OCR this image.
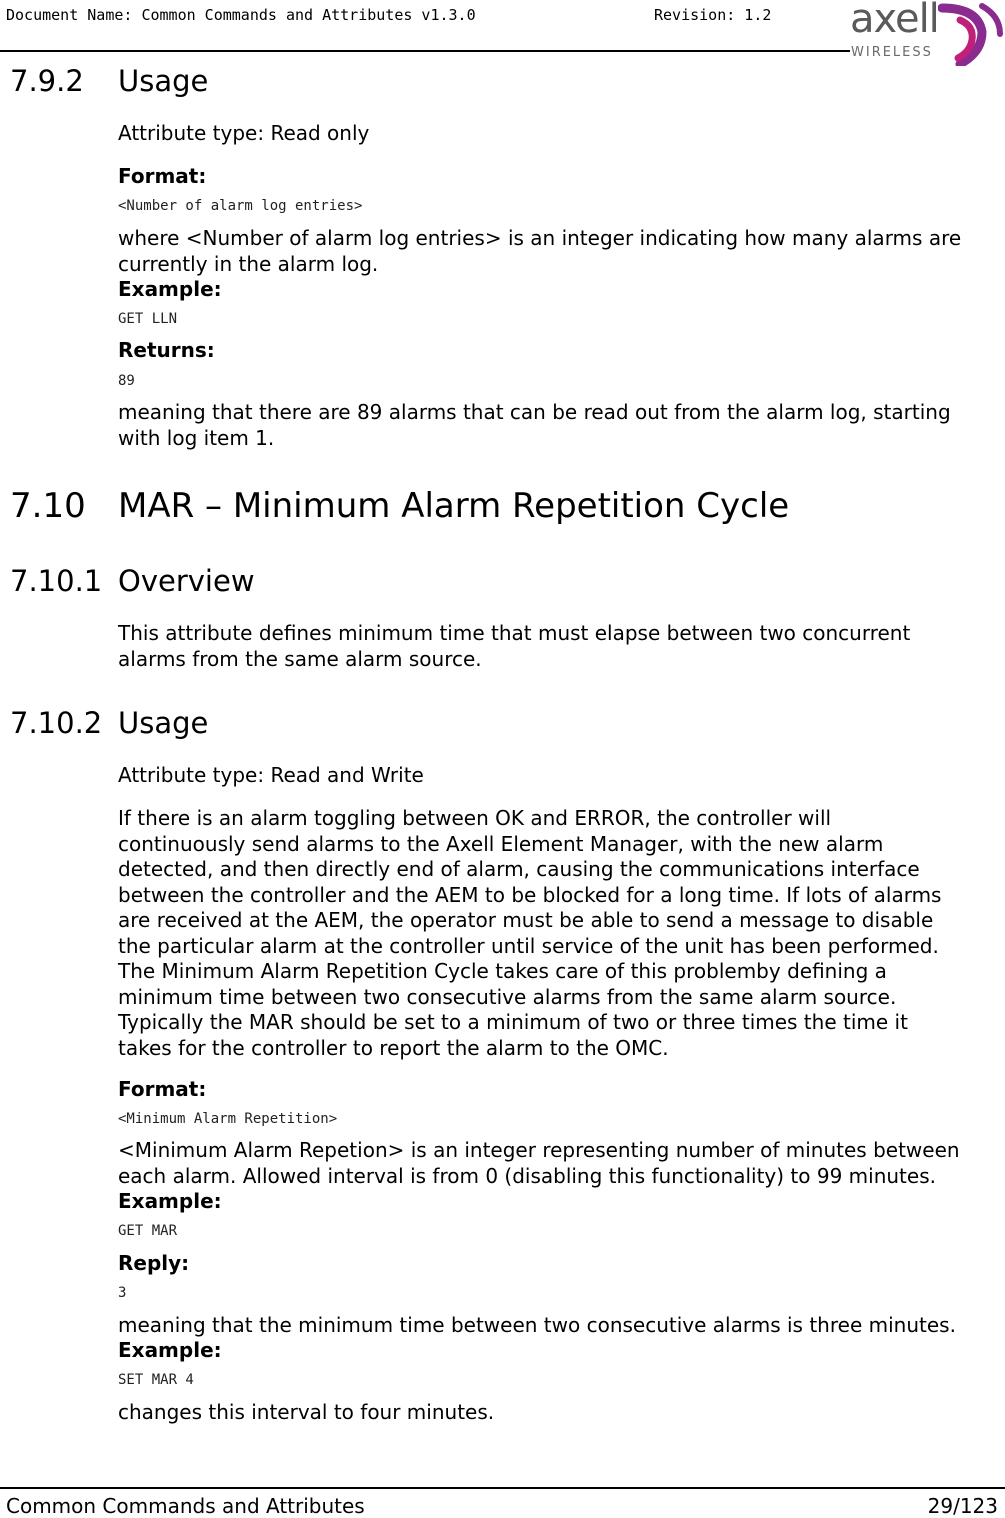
Document Name: Common Commands and Attributes v1.3.0	Revision: 1.2 axell
WIRELESS
7.9.2 Usage
Attribute type: Read only
Format:
<Number of alarm log entries>
where <Number of alarm log entries> is an integer indicating how many alarms are
currently in the alarm log.
Example:
GET LLN
Returns:
89
meaning that there are 89 alarms that can be read out from the alarm log, starting
with log item 1.
7.10 MAR – Minimum Alarm Repetition Cycle
7.10.1 Overview
This attribute defines minimum time that must elapse between two concurrent
alarms from the same alarm source.
7.10.2 Usage
Attribute type: Read and Write
If there is an alarm toggling between OK and ERROR, the controller will
continuously send alarms to the Axell Element Manager, with the new alarm
detected, and then directly end of alarm, causing the communications interface
between the controller and the AEM to be blocked for a long time. If lots of alarms
are received at the AEM, the operator must be able to send a message to disable
the particular alarm at the controller until service of the unit has been performed.
The Minimum Alarm Repetition Cycle takes care of this problemby defining a
minimum time between two consecutive alarms from the same alarm source.
Typically the MAR should be set to a minimum of two or three times the time it
takes for the controller to report the alarm to the OMC.
Format:
<Minimum Alarm Repetition>
<Minimum Alarm Repetion> is an integer representing number of minutes between
each alarm. Allowed interval is from 0 (disabling this functionality) to 99 minutes.
Example:
GET MAR
Reply:
3
meaning that the minimum time between two consecutive alarms is three minutes.
Example:
SET MAR 4
changes this interval to four minutes.
Common Commands and Attributes	29/123
